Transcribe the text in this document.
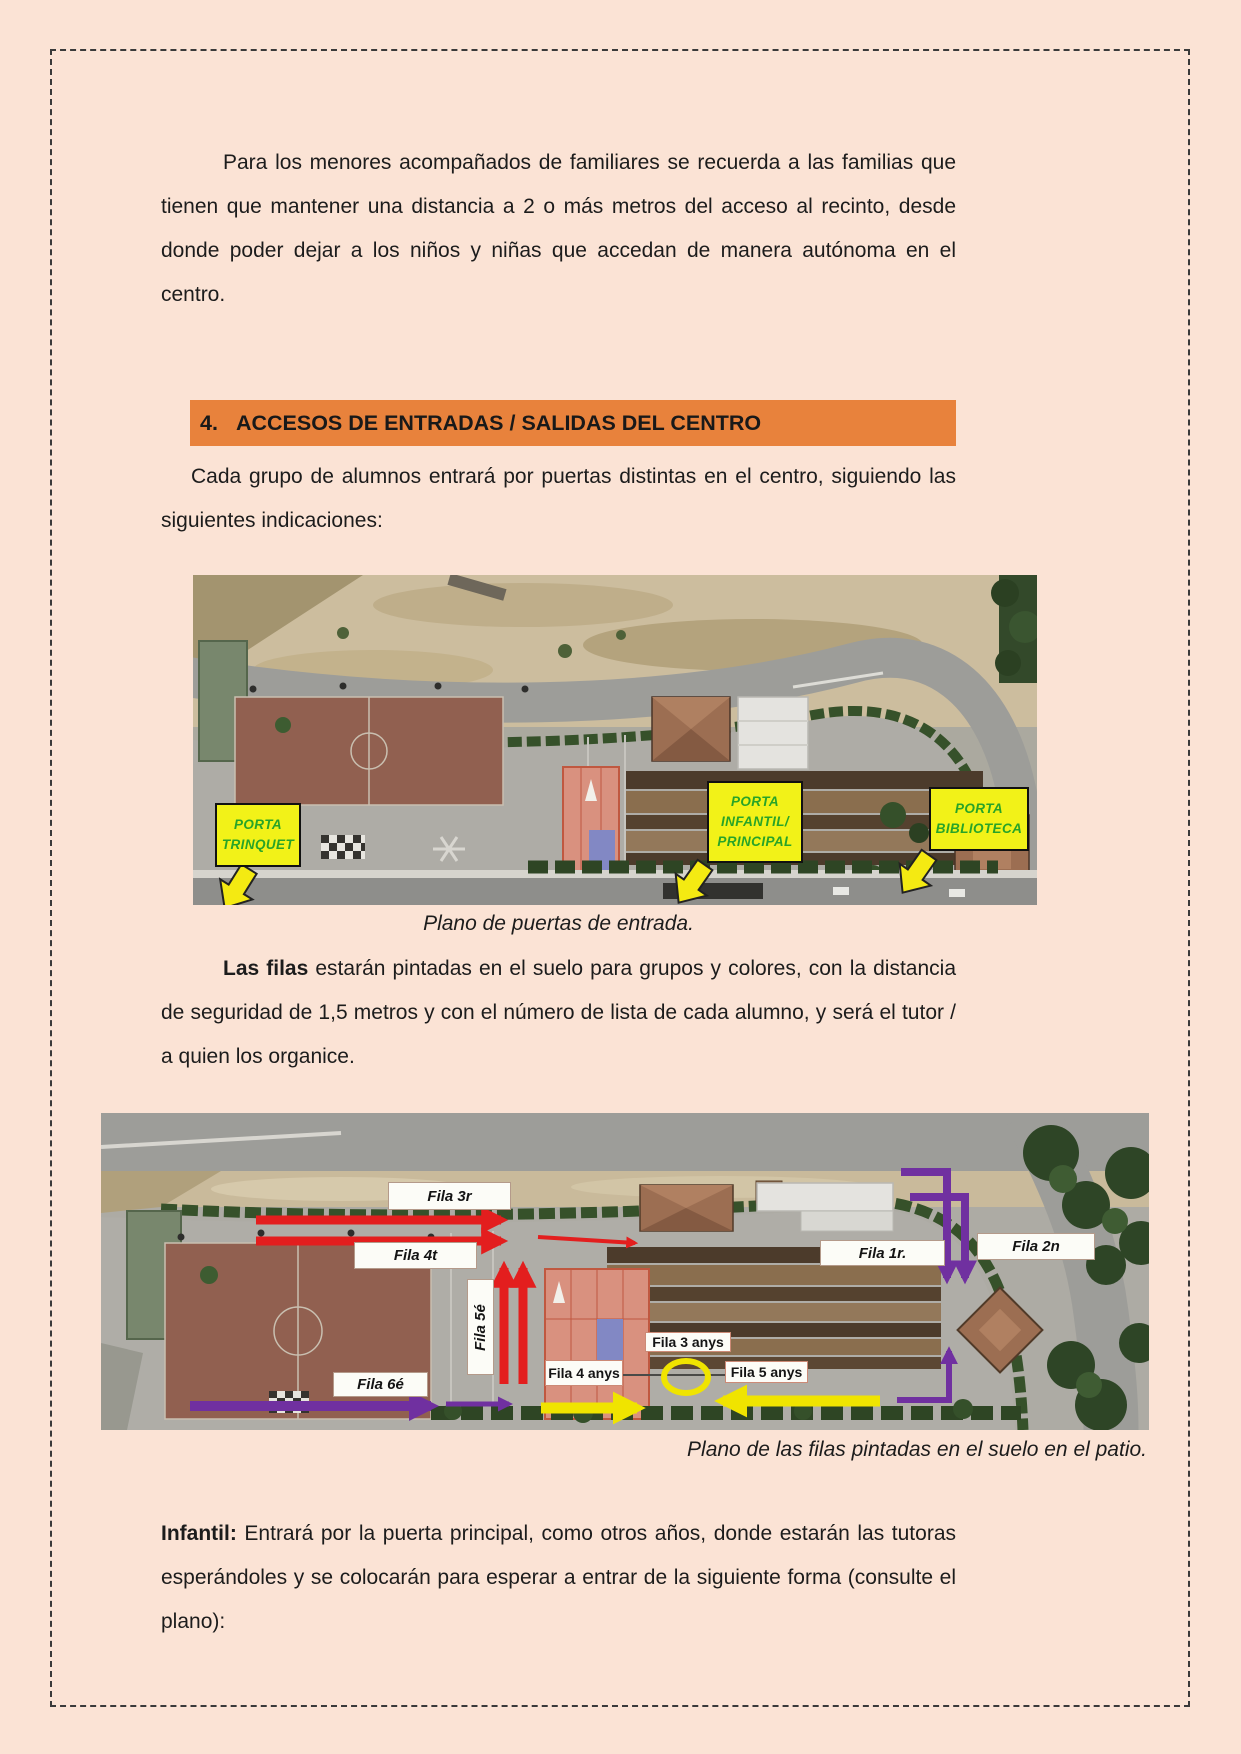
Para los menores acompañados de familiares se recuerda a las familias que tienen que mantener una distancia a 2 o más metros del acceso al recinto, desde donde poder dejar a los niños y niñas que accedan de manera autónoma en el centro.

4. ACCESOS DE ENTRADAS / SALIDAS DEL CENTRO

Cada grupo de alumnos entrará por puertas distintas en el centro, siguiendo las siguientes indicaciones:

PORTA TRINQUET
PORTA INFANTIL/ PRINCIPAL
PORTA BIBLIOTECA

Plano de puertas de entrada.

Las filas estarán pintadas en el suelo para grupos y colores, con la distancia de seguridad de 1,5 metros y con el número de lista de cada alumno, y será el tutor / a quien los organice.

Fila 3r
Fila 4t
Fila 5é
Fila 6é
Fila 1r.	Fila 2n
Fila 3 anys
Fila 4 anys	Fila 5 anys

Plano de las filas pintadas en el suelo en el patio.

Infantil: Entrará por la puerta principal, como otros años, donde estarán las tutoras esperándoles y se colocarán para esperar a entrar de la siguiente forma (consulte el plano):
